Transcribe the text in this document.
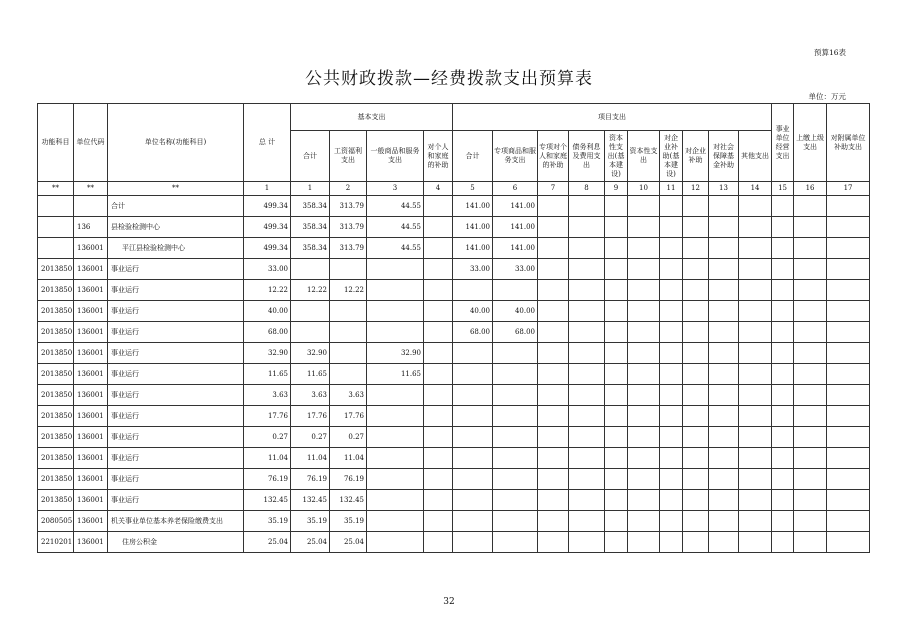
预算16表
公共财政拨款—经费拨款支出预算表
单位：万元
功能科目	单位代码	单位名称(功能科目)	总 计	基本支出				项目支出										事业单位经营支出	上缴上级支出	对附属单位补助支出
				合计	工资福利支出	一般商品和服务支出	对个人和家庭的补助	合计	专项商品和服务支出	专项对个人和家庭的补助	债务利息及费用支出	资本性支出(基本建设)	资本性支出	对企业补助(基本建设)	对企业补助	对社会保障基金补助	其他支出			
**	**	**	1	1	2	3	4	5	6	7	8	9	10	11	12	13	14	15	16	17
		合计	499.34	358.34	313.79	44.55		141.00	141.00											
	136	县检验检测中心	499.34	358.34	313.79	44.55		141.00	141.00											
	136001	平江县检验检测中心	499.34	358.34	313.79	44.55		141.00	141.00											
2013850	136001	事业运行	33.00					33.00	33.00											
2013850	136001	事业运行	12.22	12.22	12.22															
2013850	136001	事业运行	40.00					40.00	40.00											
2013850	136001	事业运行	68.00					68.00	68.00											
2013850	136001	事业运行	32.90	32.90		32.90														
2013850	136001	事业运行	11.65	11.65		11.65														
2013850	136001	事业运行	3.63	3.63	3.63															
2013850	136001	事业运行	17.76	17.76	17.76															
2013850	136001	事业运行	0.27	0.27	0.27															
2013850	136001	事业运行	11.04	11.04	11.04															
2013850	136001	事业运行	76.19	76.19	76.19															
2013850	136001	事业运行	132.45	132.45	132.45															
2080505	136001	机关事业单位基本养老保险缴费支出	35.19	35.19	35.19															
2210201	136001	住房公积金	25.04	25.04	25.04															
32
